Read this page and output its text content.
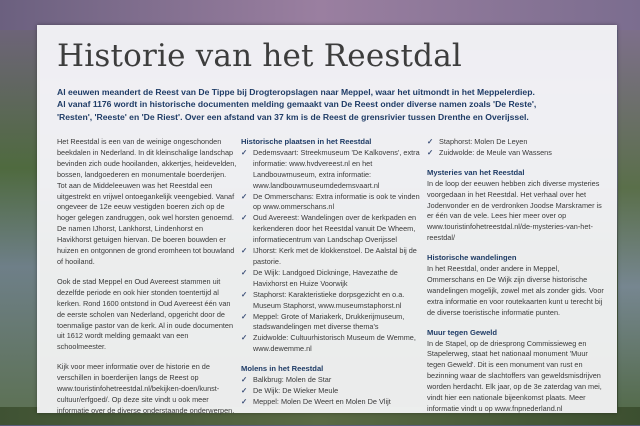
Historie van het Reestdal
Al eeuwen meandert de Reest van De Tippe bij Drogteropslagen naar Meppel, waar het uitmondt in het Meppelerdiep.
Al vanaf 1176 wordt in historische documenten melding gemaakt van De Reest onder diverse namen zoals 'De Reste',
'Resten', 'Reeste' en 'De Riest'. Over een afstand van 37 km is de Reest de grensrivier tussen Drenthe en Overijssel.

Het Reestdal is een van de weinige ongeschonden beekdalen in Nederland. In dit kleinschalige landschap bevinden zich oude hooilanden, akkertjes, heidevelden, bossen, landgoederen en monumentale boerderijen. Tot aan de Middeleeuwen was het Reestdal een uitgestrekt en vrijwel ontoegankelijk veengebied. Vanaf ongeveer de 12e eeuw vestigden boeren zich op de hoger gelegen zandruggen, ook wel horsten genoemd. De namen IJhorst, Lankhorst, Lindenhorst en Havikhorst getuigen hiervan. De boeren bouwden er huizen en ontgonnen de grond eromheen tot bouwland of hooiland.

Ook de stad Meppel en Oud Avereest stammen uit dezelfde periode en ook hier stonden toentertijd al kerken. Rond 1600 ontstond in Oud Avereest één van de eerste scholen van Nederland, opgericht door de toenmalige pastor van de kerk. Al in oude documenten uit 1612 wordt melding gemaakt van een schoolmeester.

Kijk voor meer informatie over de historie en de verschillen in boerderijen langs de Reest op www.touristinfohetreestdal.nl/bekijken-doen/kunst-cultuur/erfgoed/. Op deze site vindt u ook meer informatie over de diverse onderstaande onderwerpen.

Historische plaatsen in het Reestdal
✓ Dedemsvaart: Streekmuseum 'De Kalkovens', extra informatie: www.hvdvereest.nl en het Landbouwmuseum, extra informatie: www.landbouwmuseumdedemsvaart.nl
✓ De Ommerschans: Extra informatie is ook te vinden op www.ommerschans.nl
✓ Oud Avereest: Wandelingen over de kerkpaden en kerkenderen door het Reestdal vanuit De Wheem, informatiecentrum van Landschap Overijssel
✓ IJhorst: Kerk met de klokkenstoel. De Aalstal bij de pastorie.
✓ De Wijk: Landgoed Dickninge, Havezathe de Havixhorst en Huize Voorwijk
✓ Staphorst: Karakteristieke dorpsgezicht en o.a. Museum Staphorst, www.museumstaphorst.nl
✓ Meppel: Grote of Mariakerk, Drukkerijmuseum, stadswandelingen met diverse thema's
✓ Zuidwolde: Cultuurhistorisch Museum de Wemme, www.dewemme.nl
Molens in het Reestdal
✓ Balkbrug: Molen de Star
✓ De Wijk: De Wieker Meule
✓ Meppel: Molen De Weert en Molen De Vlijt
✓ Staphorst: Molen De Leyen
✓ Zuidwolde: de Meule van Wassens
Mysteries van het Reestdal

In de loop der eeuwen hebben zich diverse mysteries voorgedaan in het Reestdal. Het verhaal over het Jodenvonder en de verdronken Joodse Marskramer is er één van de vele. Lees hier meer over op www.touristinfohetreestdal.nl/de-mysteries-van-het-reestdal/

Historische wandelingen

In het Reestdal, onder andere in Meppel, Ommerschans en De Wijk zijn diverse historische wandelingen mogelijk, zowel met als zonder gids. Voor extra informatie en voor routekaarten kunt u terecht bij de diverse toeristische informatie punten.

Muur tegen Geweld

In de Stapel, op de driesprong Commissieweg en Stapelerweg, staat het nationaal monument 'Muur tegen Geweld'. Dit is een monument van rust en bezinning waar de slachtoffers van geweldsmisdrijven worden herdacht. Elk jaar, op de 3e zaterdag van mei, vindt hier een nationale bijeenkomst plaats. Meer informatie vindt u op www.fnpnederland.nl
